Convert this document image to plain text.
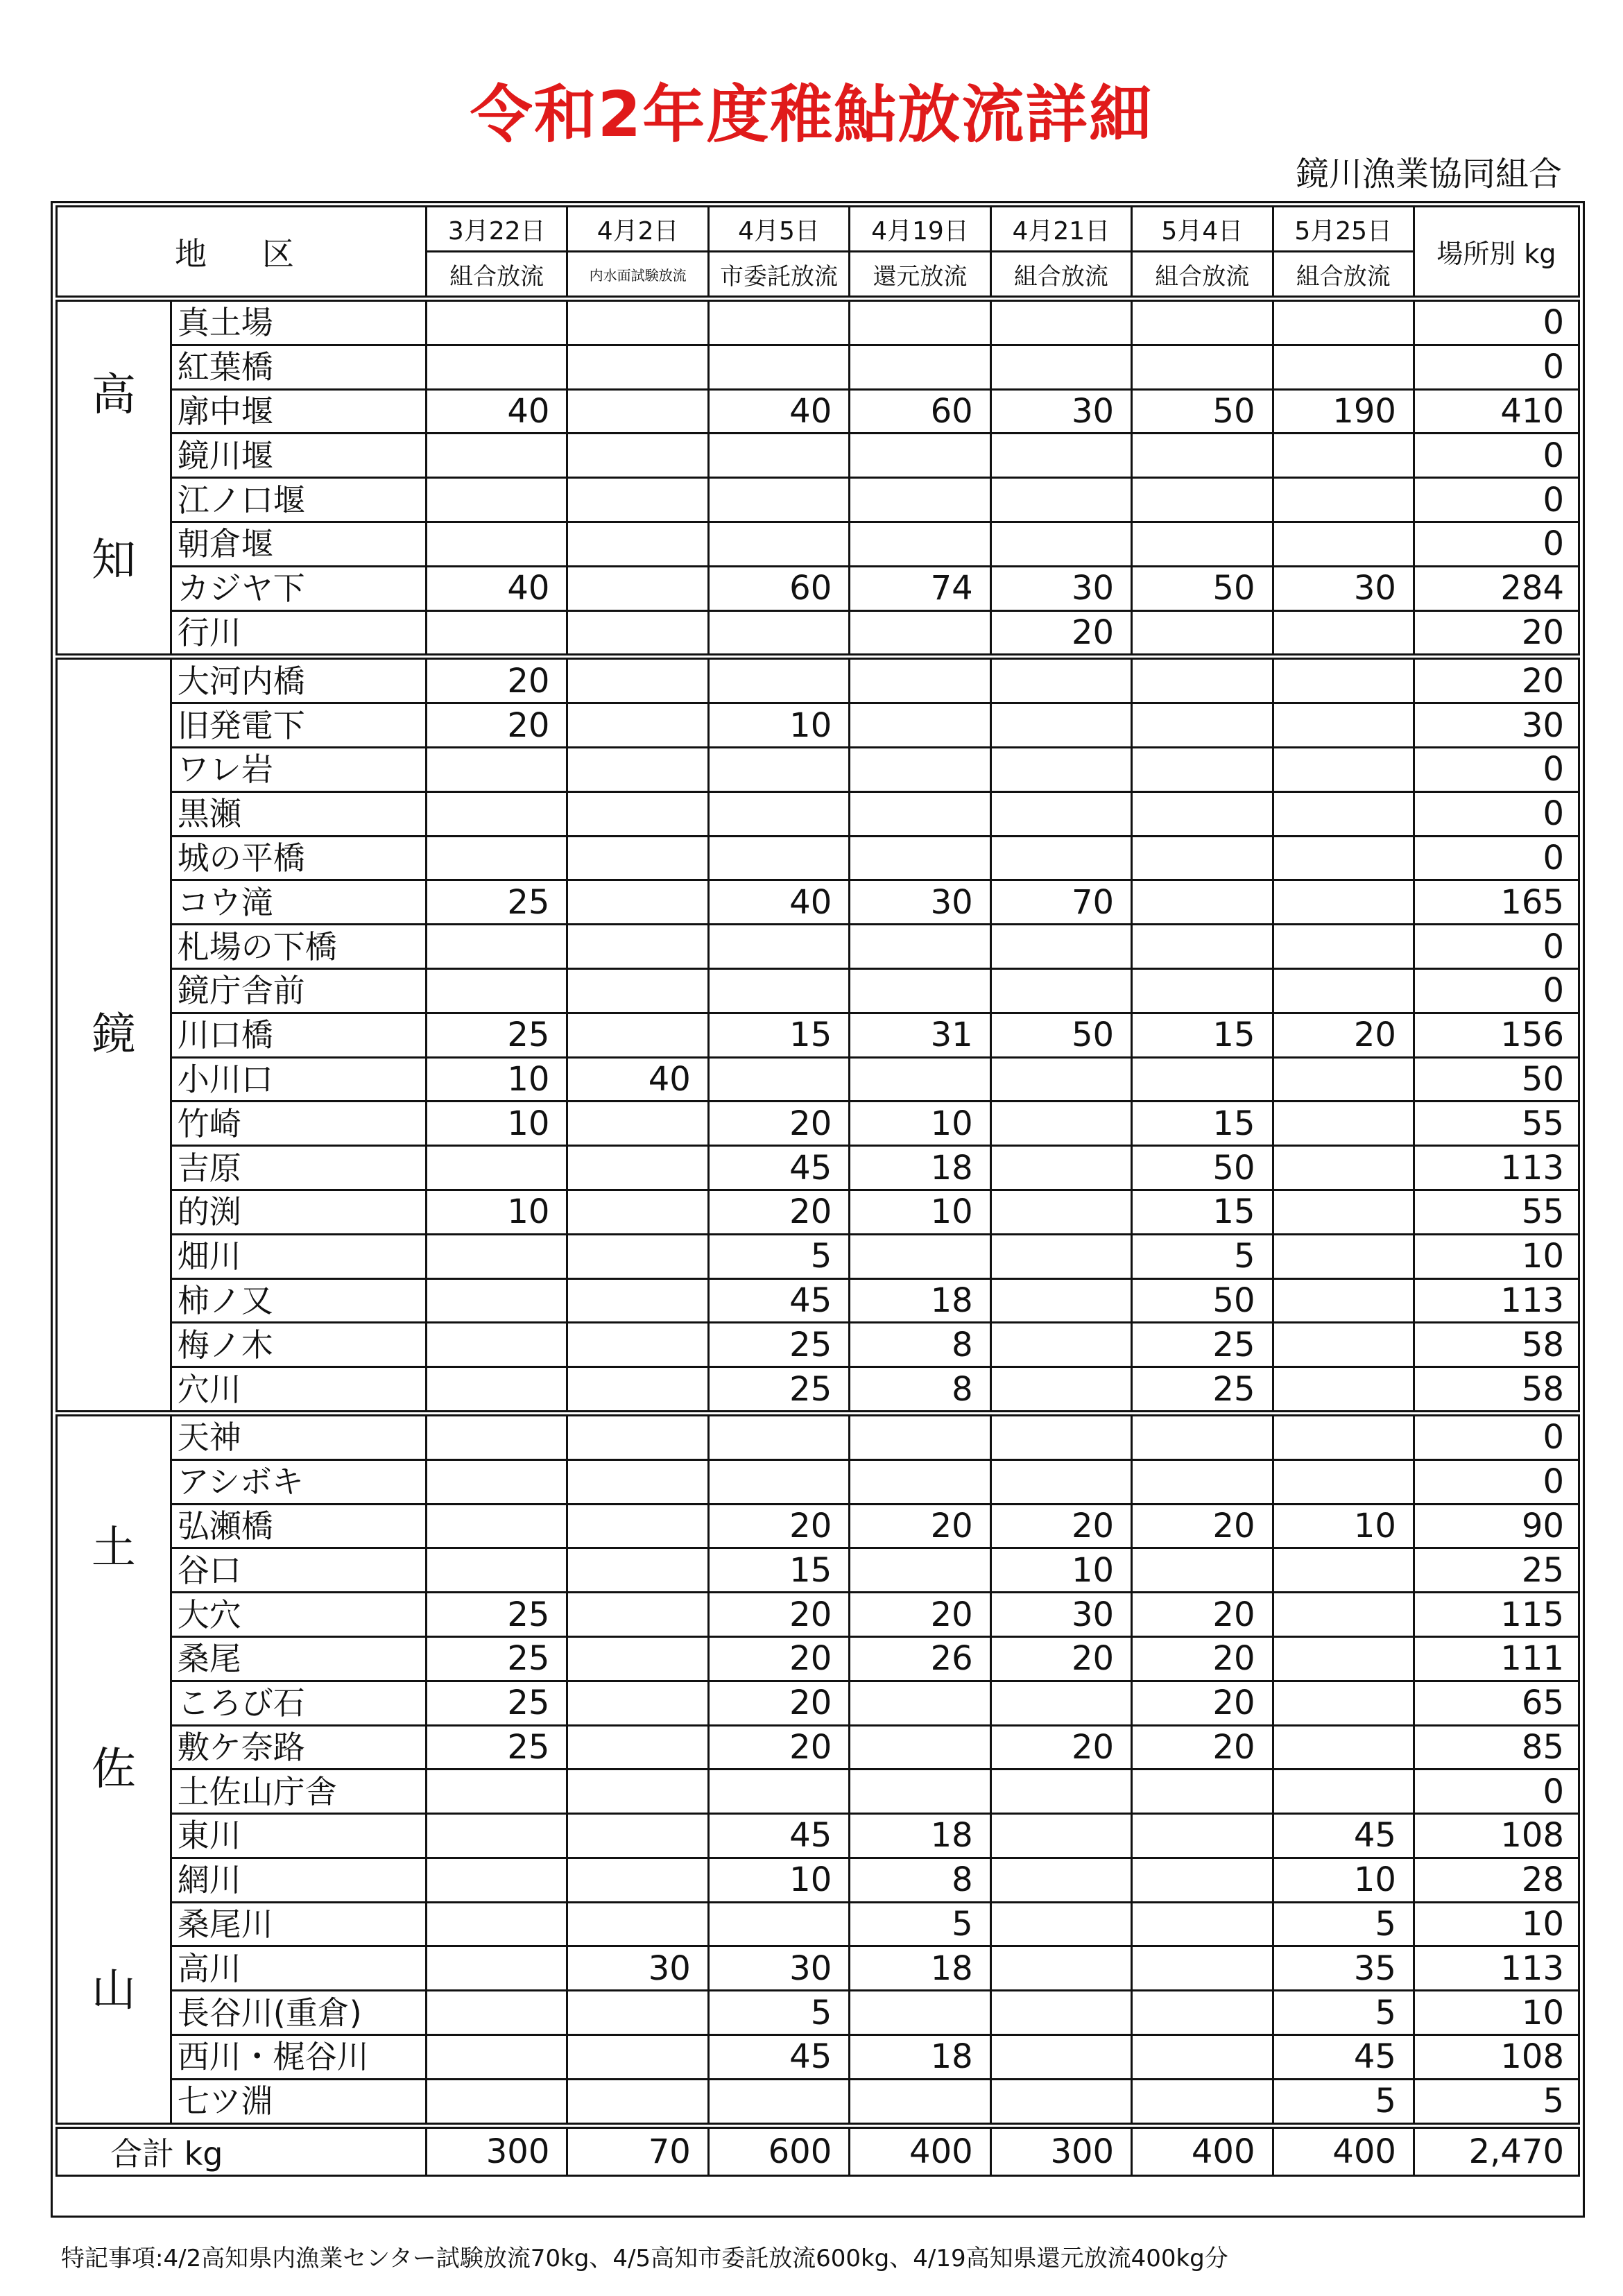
令和2年度稚鮎放流詳細
鏡川漁業協同組合
地区		3月22日	4月2日	4月5日	4月19日	4月21日	5月4日	5月25日	場所別 kg
		組合放流	内水面試験放流	市委託放流	還元放流	組合放流	組合放流	組合放流	

高
知	真土場								0
	紅葉橋								0
	廓中堰	40		40	60	30	50	190	410
	鏡川堰								0
	江ノ口堰								0
	朝倉堰								0
	カジヤ下	40		60	74	30	50	30	284
	行川					20			20

鏡	大河内橋	20							20
	旧発電下	20		10					30
	ワレ岩								0
	黒瀬								0
	城の平橋								0
	コウ滝	25		40	30	70			165
	札場の下橋								0
	鏡庁舎前								0
	川口橋	25		15	31	50	15	20	156
	小川口	10	40						50
	竹崎	10		20	10		15		55
	吉原			45	18		50		113
	的渕	10		20	10		15		55
	畑川			5			5		10
	柿ノ又			45	18		50		113
	梅ノ木			25	8		25		58
	穴川			25	8		25		58

土
佐
山	天神								0
	アシボキ								0
	弘瀬橋			20	20	20	20	10	90
	谷口			15		10			25
	大穴	25		20	20	30	20		115
	桑尾	25		20	26	20	20		111
	ころび石	25		20			20		65
	敷ケ奈路	25		20		20	20		85
	土佐山庁舎								0
	東川			45	18			45	108
	網川			10	8			10	28
	桑尾川				5			5	10
	高川		30	30	18			35	113
	長谷川(重倉)			5				5	10
	西川・梶谷川			45	18			45	108
	七ツ淵							5	5
合計 kg		300	70	600	400	300	400	400	2,470
特記事項:4/2高知県内漁業センター試験放流70kg、4/5高知市委託放流600kg、4/19高知県還元放流400kg分
